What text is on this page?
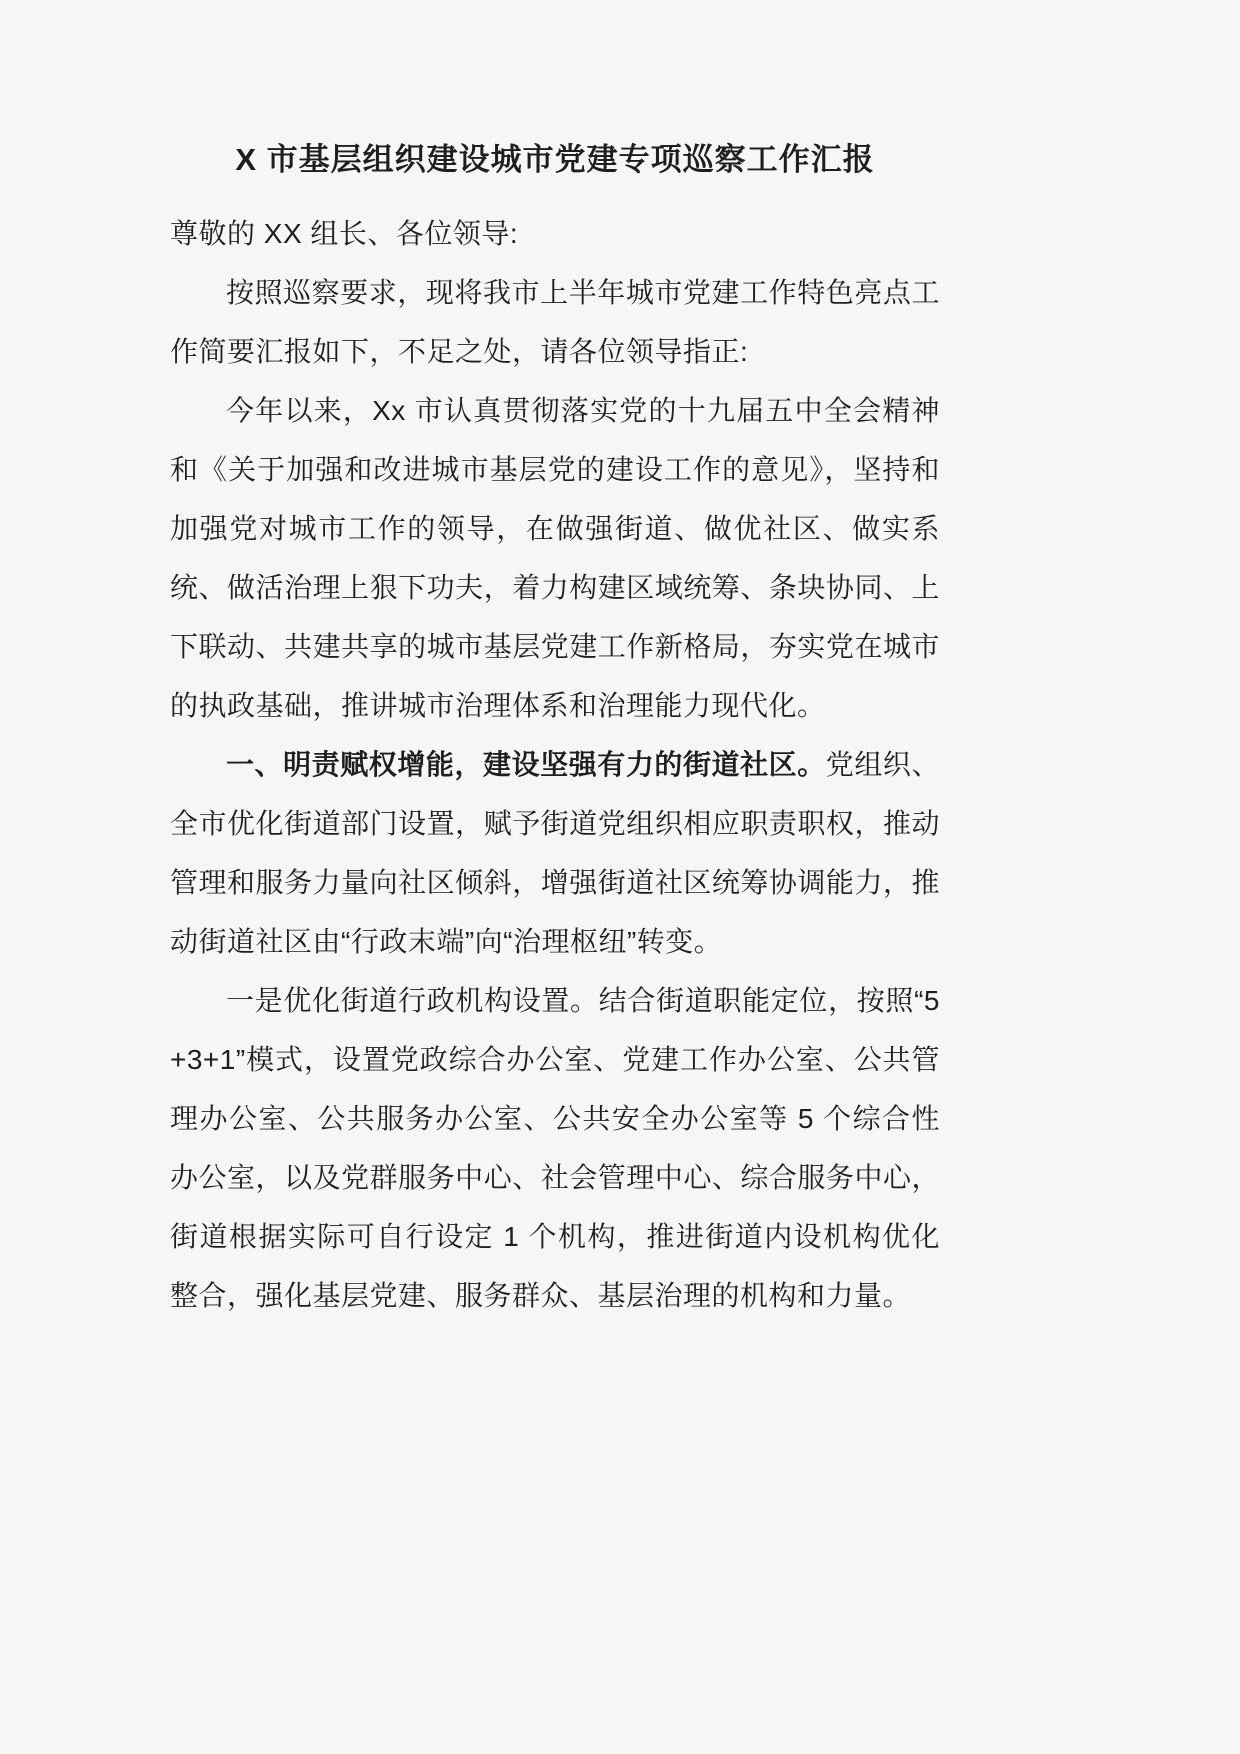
X 市基层组织建设城市党建专项巡察工作汇报

尊敬的 XX 组长、各位领导:

按照巡察要求，现将我市上半年城市党建工作特色亮点工作简要汇报如下，不足之处，请各位领导指正:

今年以来，Xx 市认真贯彻落实党的十九届五中全会精神和《关于加强和改进城市基层党的建设工作的意见》，坚持和加强党对城市工作的领导，在做强街道、做优社区、做实系统、做活治理上狠下功夫，着力构建区域统筹、条块协同、上下联动、共建共享的城市基层党建工作新格局，夯实党在城市的执政基础，推讲城市治理体系和治理能力现代化。

一、明责赋权增能，建设坚强有力的街道社区。党组织、全市优化街道部门设置，赋予街道党组织相应职责职权，推动管理和服务力量向社区倾斜，增强街道社区统筹协调能力，推动街道社区由“行政末端”向“治理枢纽”转变。

一是优化街道行政机构设置。结合街道职能定位，按照“5+3+1”模式，设置党政综合办公室、党建工作办公室、公共管理办公室、公共服务办公室、公共安全办公室等 5 个综合性办公室，以及党群服务中心、社会管理中心、综合服务中心，街道根据实际可自行设定 1 个机构，推进街道内设机构优化整合，强化基层党建、服务群众、基层治理的机构和力量。
